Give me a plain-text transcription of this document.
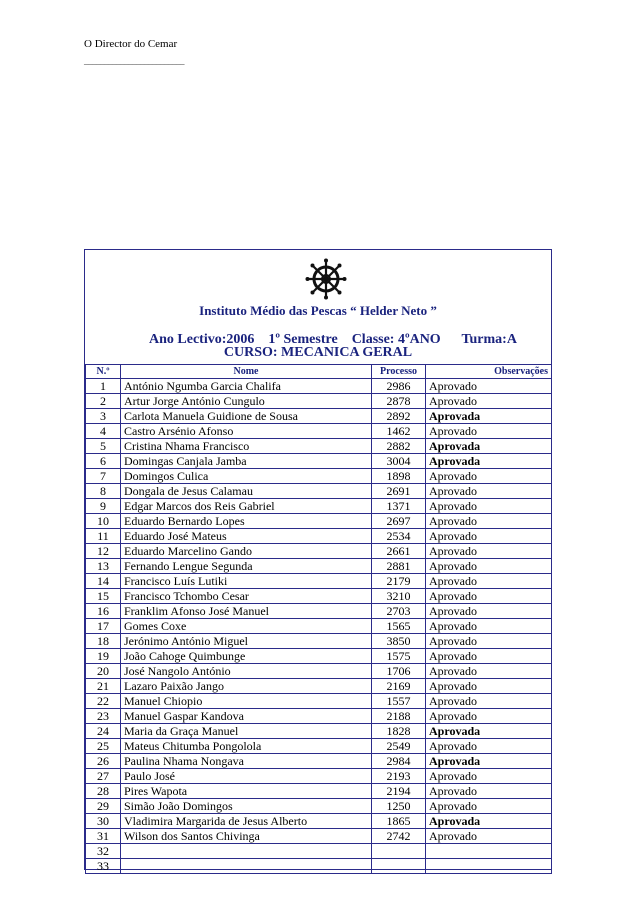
O Director do Cemar
_________________________
Instituto Médio das Pescas “ Helder Neto ”
Ano Lectivo:2006 1º Semestre Classe: 4ºANO Turma:A
CURSO: MECANICA GERAL
N.º	Nome	Processo	Observações
1	António Ngumba Garcia Chalifa	2986	Aprovado
2	Artur Jorge António Cungulo	2878	Aprovado
3	Carlota Manuela Guidione de Sousa	2892	Aprovada
4	Castro Arsénio Afonso	1462	Aprovado
5	Cristina Nhama Francisco	2882	Aprovada
6	Domingas Canjala Jamba	3004	Aprovada
7	Domingos Culica	1898	Aprovado
8	Dongala de Jesus Calamau	2691	Aprovado
9	Edgar Marcos dos Reis Gabriel	1371	Aprovado
10	Eduardo Bernardo Lopes	2697	Aprovado
11	Eduardo José Mateus	2534	Aprovado
12	Eduardo Marcelino Gando	2661	Aprovado
13	Fernando Lengue Segunda	2881	Aprovado
14	Francisco Luís Lutiki	2179	Aprovado
15	Francisco Tchombo Cesar	3210	Aprovado
16	Franklim Afonso José Manuel	2703	Aprovado
17	Gomes Coxe	1565	Aprovado
18	Jerónimo António Miguel	3850	Aprovado
19	João Cahoge Quimbunge	1575	Aprovado
20	José Nangolo António	1706	Aprovado
21	Lazaro Paixão Jango	2169	Aprovado
22	Manuel Chiopio	1557	Aprovado
23	Manuel Gaspar Kandova	2188	Aprovado
24	Maria da Graça Manuel	1828	Aprovada
25	Mateus Chitumba Pongolola	2549	Aprovado
26	Paulina Nhama Nongava	2984	Aprovada
27	Paulo José	2193	Aprovado
28	Pires Wapota	2194	Aprovado
29	Simão João Domingos	1250	Aprovado
30	Vladimira Margarida de Jesus Alberto	1865	Aprovada
31	Wilson dos Santos Chivinga	2742	Aprovado
32			
33			
